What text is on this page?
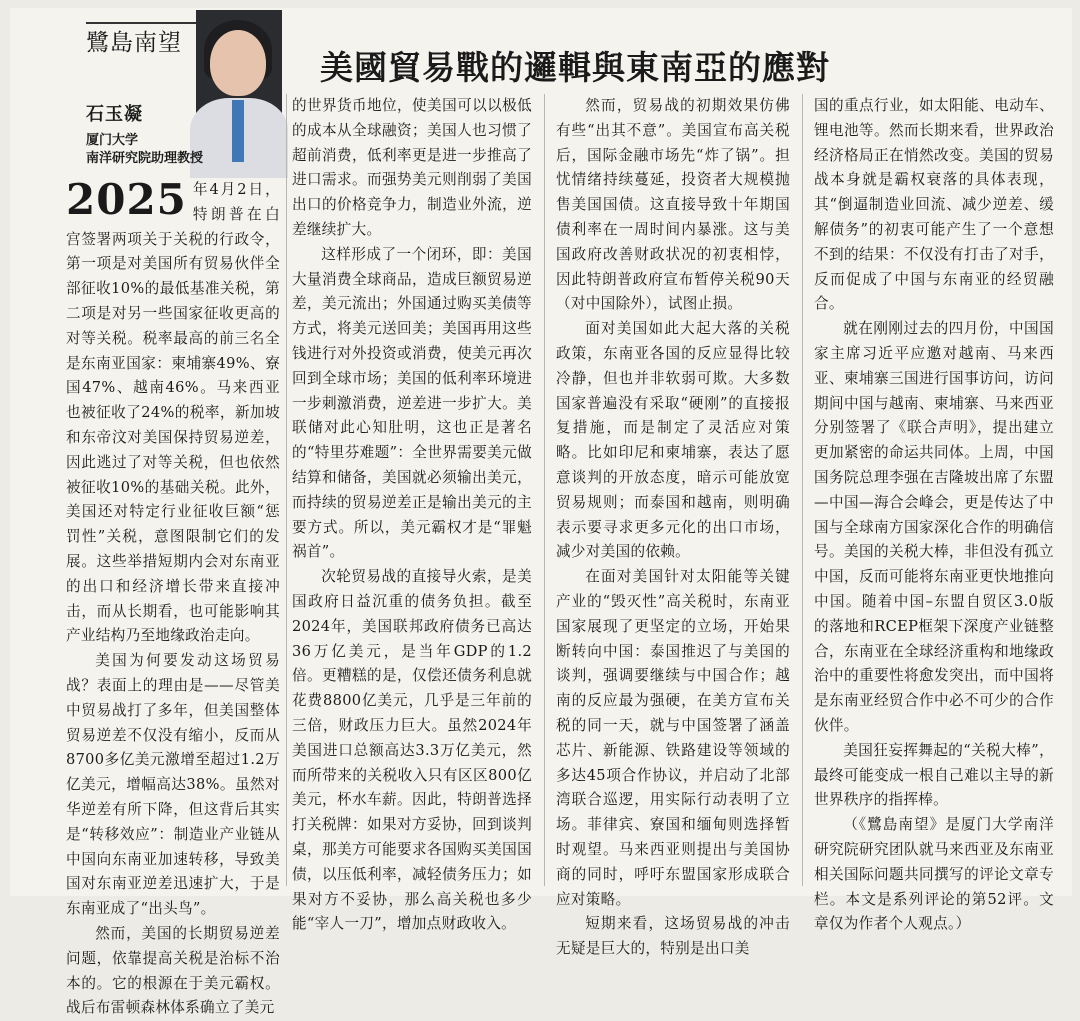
鷺島南望
石玉凝
厦门大学
南洋研究院助理教授
美國貿易戰的邏輯與東南亞的應對

2025 年4月2日，特朗普在白宫签署两项关于关税的行政令，第一项是对美国所有贸易伙伴全部征收10%的最低基准关税，第二项是对另一些国家征收更高的对等关税。税率最高的前三名全是东南亚国家：柬埔寨49%、寮国47%、越南46%。马来西亚也被征收了24%的税率，新加坡和东帝汶对美国保持贸易逆差，因此逃过了对等关税，但也依然被征收10%的基础关税。此外，美国还对特定行业征收巨额“惩罚性”关税，意图限制它们的发展。这些举措短期内会对东南亚的出口和经济增长带来直接冲击，而从长期看，也可能影响其产业结构乃至地缘政治走向。

美国为何要发动这场贸易战？表面上的理由是——尽管美中贸易战打了多年，但美国整体贸易逆差不仅没有缩小，反而从8700多亿美元激增至超过1.2万亿美元，增幅高达38%。虽然对华逆差有所下降，但这背后其实是“转移效应”：制造业产业链从中国向东南亚加速转移，导致美国对东南亚逆差迅速扩大，于是东南亚成了“出头鸟”。

然而，美国的长期贸易逆差问题，依靠提高关税是治标不治本的。它的根源在于美元霸权。战后布雷顿森林体系确立了美元

的世界货币地位，使美国可以以极低的成本从全球融资；美国人也习惯了超前消费，低利率更是进一步推高了进口需求。而强势美元则削弱了美国出口的价格竞争力，制造业外流，逆差继续扩大。

这样形成了一个闭环，即：美国大量消费全球商品，造成巨额贸易逆差，美元流出；外国通过购买美债等方式，将美元送回美；美国再用这些钱进行对外投资或消费，使美元再次回到全球市场；美国的低利率环境进一步刺激消费，逆差进一步扩大。美联储对此心知肚明，这也正是著名的“特里芬难题”：全世界需要美元做结算和储备，美国就必须输出美元，而持续的贸易逆差正是输出美元的主要方式。所以，美元霸权才是“罪魁祸首”。

次轮贸易战的直接导火索，是美国政府日益沉重的债务负担。截至2024年，美国联邦政府债务已高达36万亿美元，是当年GDP的1.2倍。更糟糕的是，仅偿还债务利息就花费8800亿美元，几乎是三年前的三倍，财政压力巨大。虽然2024年美国进口总额高达3.3万亿美元，然而所带来的关税收入只有区区800亿美元，杯水车薪。因此，特朗普选择打关税牌：如果对方妥协，回到谈判桌，那美方可能要求各国购买美国国债，以压低利率，减轻债务压力；如果对方不妥协，那么高关税也多少能“宰人一刀”，增加点财政收入。

然而，贸易战的初期效果仿佛有些“出其不意”。美国宣布高关税后，国际金融市场先“炸了锅”。担忧情绪持续蔓延，投资者大规模抛售美国国债。这直接导致十年期国债利率在一周时间内暴涨。这与美国政府改善财政状况的初衷相悖，因此特朗普政府宣布暂停关税90天（对中国除外），试图止损。

面对美国如此大起大落的关税政策，东南亚各国的反应显得比较冷静，但也并非软弱可欺。大多数国家普遍没有采取“硬刚”的直接报复措施，而是制定了灵活应对策略。比如印尼和柬埔寨，表达了愿意谈判的开放态度，暗示可能放宽贸易规则；而泰国和越南，则明确表示要寻求更多元化的出口市场，减少对美国的依赖。

在面对美国针对太阳能等关键产业的“毁灭性”高关税时，东南亚国家展现了更坚定的立场，开始果断转向中国：泰国推迟了与美国的谈判，强调要继续与中国合作；越南的反应最为强硬，在美方宣布关税的同一天，就与中国签署了涵盖芯片、新能源、铁路建设等领域的多达45项合作协议，并启动了北部湾联合巡逻，用实际行动表明了立场。菲律宾、寮国和缅甸则选择暂时观望。马来西亚则提出与美国协商的同时，呼吁东盟国家形成联合应对策略。

短期来看，这场贸易战的冲击无疑是巨大的，特别是出口美

国的重点行业，如太阳能、电动车、锂电池等。然而长期来看，世界政治经济格局正在悄然改变。美国的贸易战本身就是霸权衰落的具体表现，其“倒逼制造业回流、减少逆差、缓解债务”的初衷可能产生了一个意想不到的结果：不仅没有打击了对手，反而促成了中国与东南亚的经贸融合。

就在刚刚过去的四月份，中国国家主席习近平应邀对越南、马来西亚、柬埔寨三国进行国事访问，访问期间中国与越南、柬埔寨、马来西亚分别签署了《联合声明》，提出建立更加紧密的命运共同体。上周，中国国务院总理李强在吉隆坡出席了东盟—中国—海合会峰会，更是传达了中国与全球南方国家深化合作的明确信号。美国的关税大棒，非但没有孤立中国，反而可能将东南亚更快地推向中国。随着中国–东盟自贸区3.0版的落地和RCEP框架下深度产业链整合，东南亚在全球经济重构和地缘政治中的重要性将愈发突出，而中国将是东南亚经贸合作中必不可少的合作伙伴。

美国狂妄挥舞起的“关税大棒”，最终可能变成一根自己难以主导的新世界秩序的指挥棒。

（《鷺島南望》是厦门大学南洋研究院研究团队就马来西亚及东南亚相关国际问题共同撰写的评论文章专栏。本文是系列评论的第52评。文章仅为作者个人观点。）
